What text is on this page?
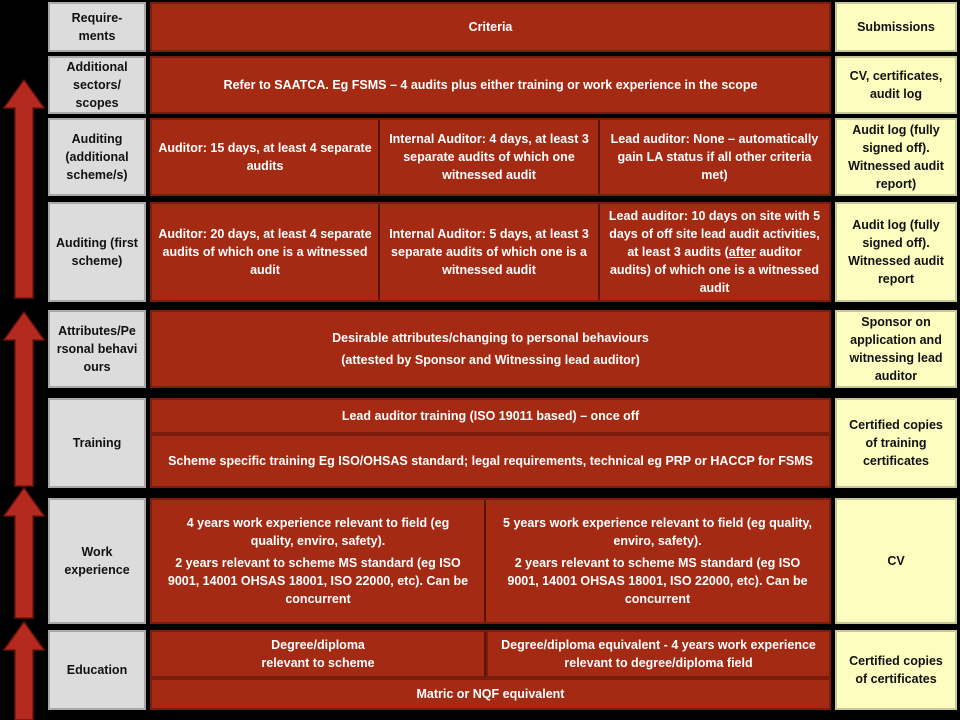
Require-ments
Criteria	Submissions
Additional sectors/ scopes
Refer to SAATCA. Eg FSMS – 4 audits plus either training or work experience in the scope
CV, certificates, audit log
Auditing (additional scheme/s)
Auditor: 15 days, at least 4 separate audits
Internal Auditor: 4 days, at least 3 separate audits of which one witnessed audit
Lead auditor: None – automatically gain LA status if all other criteria met)
Audit log (fully signed off). Witnessed audit report)
Auditing (first scheme)
Auditor: 20 days, at least 4 separate audits of which one is a witnessed audit
Internal Auditor: 5 days, at least 3 separate audits of which one is a witnessed audit
Lead auditor: 10 days on site with 5 days of off site lead audit activities, at least 3 audits (after auditor audits) of which one is a witnessed audit
Audit log (fully signed off). Witnessed audit report
Attributes/Personal behaviours

Desirable attributes/changing to personal behaviours

(attested by Sponsor and Witnessing lead auditor)

Sponsor on application and witnessing lead auditor
Training
Lead auditor training (ISO 19011 based) – once off
Scheme specific training Eg ISO/OHSAS standard; legal requirements, technical eg PRP or HACCP for FSMS
Certified copies of training certificates
Work experience

4 years work experience relevant to field (eg quality, enviro, safety).

2 years relevant to scheme MS standard (eg ISO 9001, 14001 OHSAS 18001, ISO 22000, etc). Can be concurrent

5 years work experience relevant to field (eg quality, enviro, safety).

2 years relevant to scheme MS standard (eg ISO 9001, 14001 OHSAS 18001, ISO 22000, etc). Can be concurrent

CV
Education
Degree/diploma
relevant to scheme
Degree/diploma equivalent - 4 years work experience relevant to degree/diploma field
Matric or NQF equivalent
Certified copies of certificates
